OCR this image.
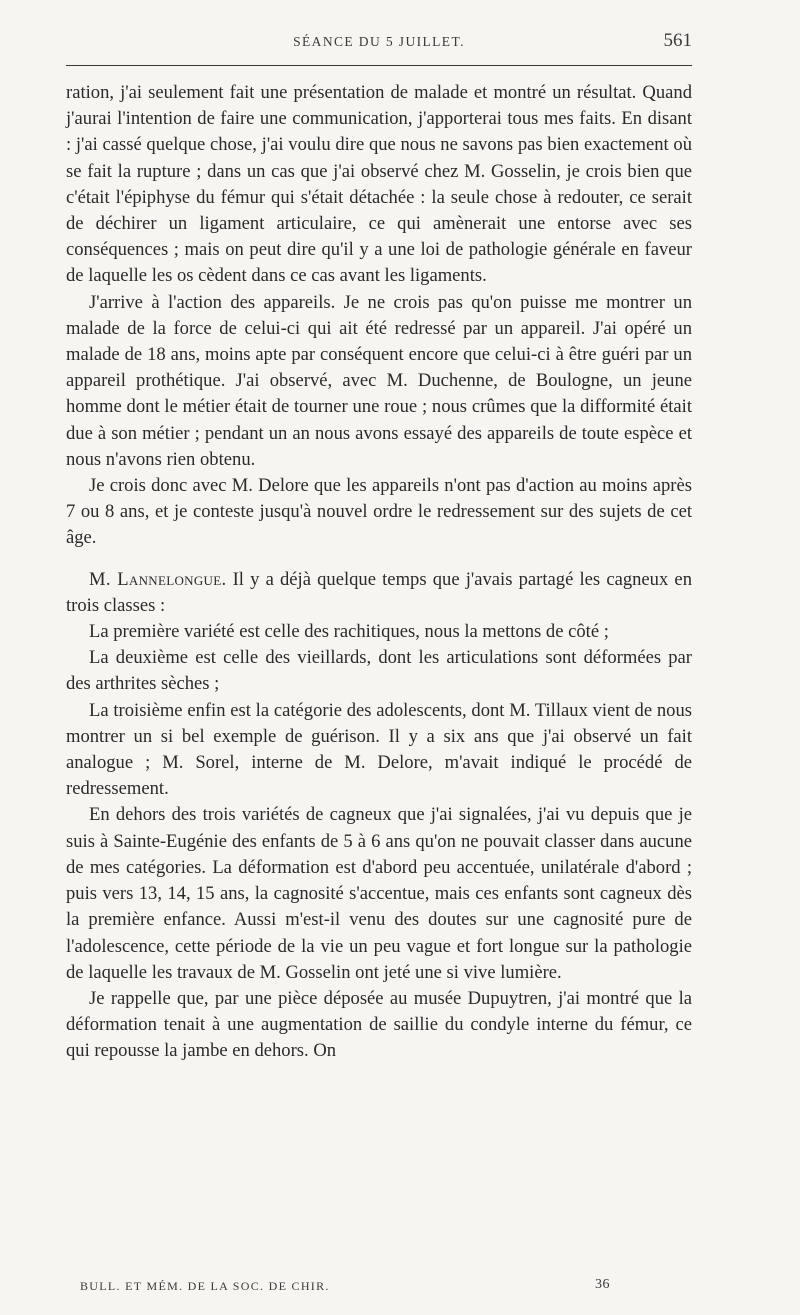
SÉANCE DU 5 JUILLET.	561

ration, j'ai seulement fait une présentation de malade et montré un résultat. Quand j'aurai l'intention de faire une communication, j'apporterai tous mes faits. En disant : j'ai cassé quelque chose, j'ai voulu dire que nous ne savons pas bien exactement où se fait la rupture ; dans un cas que j'ai observé chez M. Gosselin, je crois bien que c'était l'épiphyse du fémur qui s'était détachée : la seule chose à redouter, ce serait de déchirer un ligament articulaire, ce qui amènerait une entorse avec ses conséquences ; mais on peut dire qu'il y a une loi de pathologie générale en faveur de laquelle les os cèdent dans ce cas avant les ligaments.

J'arrive à l'action des appareils. Je ne crois pas qu'on puisse me montrer un malade de la force de celui-ci qui ait été redressé par un appareil. J'ai opéré un malade de 18 ans, moins apte par conséquent encore que celui-ci à être guéri par un appareil prothétique. J'ai observé, avec M. Duchenne, de Boulogne, un jeune homme dont le métier était de tourner une roue ; nous crûmes que la difformité était due à son métier ; pendant un an nous avons essayé des appareils de toute espèce et nous n'avons rien obtenu.

Je crois donc avec M. Delore que les appareils n'ont pas d'action au moins après 7 ou 8 ans, et je conteste jusqu'à nouvel ordre le redressement sur des sujets de cet âge.

M. Lannelongue. Il y a déjà quelque temps que j'avais partagé les cagneux en trois classes :

La première variété est celle des rachitiques, nous la mettons de côté ;

La deuxième est celle des vieillards, dont les articulations sont déformées par des arthrites sèches ;

La troisième enfin est la catégorie des adolescents, dont M. Tillaux vient de nous montrer un si bel exemple de guérison. Il y a six ans que j'ai observé un fait analogue ; M. Sorel, interne de M. Delore, m'avait indiqué le procédé de redressement.

En dehors des trois variétés de cagneux que j'ai signalées, j'ai vu depuis que je suis à Sainte-Eugénie des enfants de 5 à 6 ans qu'on ne pouvait classer dans aucune de mes catégories. La déformation est d'abord peu accentuée, unilatérale d'abord ; puis vers 13, 14, 15 ans, la cagnosité s'accentue, mais ces enfants sont cagneux dès la première enfance. Aussi m'est-il venu des doutes sur une cagnosité pure de l'adolescence, cette période de la vie un peu vague et fort longue sur la pathologie de laquelle les travaux de M. Gosselin ont jeté une si vive lumière.

Je rappelle que, par une pièce déposée au musée Dupuytren, j'ai montré que la déformation tenait à une augmentation de saillie du condyle interne du fémur, ce qui repousse la jambe en dehors. On

BULL. ET MÉM. DE LA SOC. DE CHIR.	36
